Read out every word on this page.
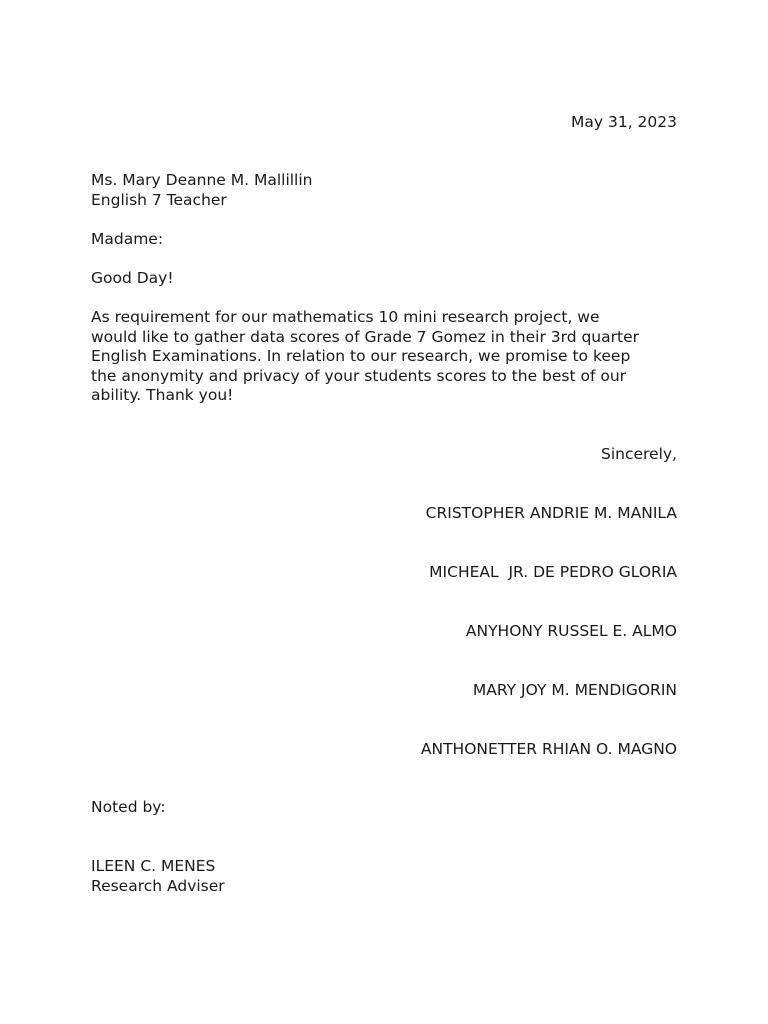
May 31, 2023
Ms. Mary Deanne M. Mallillin
English 7 Teacher
Madame:
Good Day!
As requirement for our mathematics 10 mini research project, we
would like to gather data scores of Grade 7 Gomez in their 3rd quarter
English Examinations. In relation to our research, we promise to keep
the anonymity and privacy of your students scores to the best of our
ability. Thank you!
Sincerely,
CRISTOPHER ANDRIE M. MANILA
MICHEAL  JR. DE PEDRO GLORIA
ANYHONY RUSSEL E. ALMO
MARY JOY M. MENDIGORIN
ANTHONETTER RHIAN O. MAGNO
Noted by:
ILEEN C. MENES
Research Adviser
